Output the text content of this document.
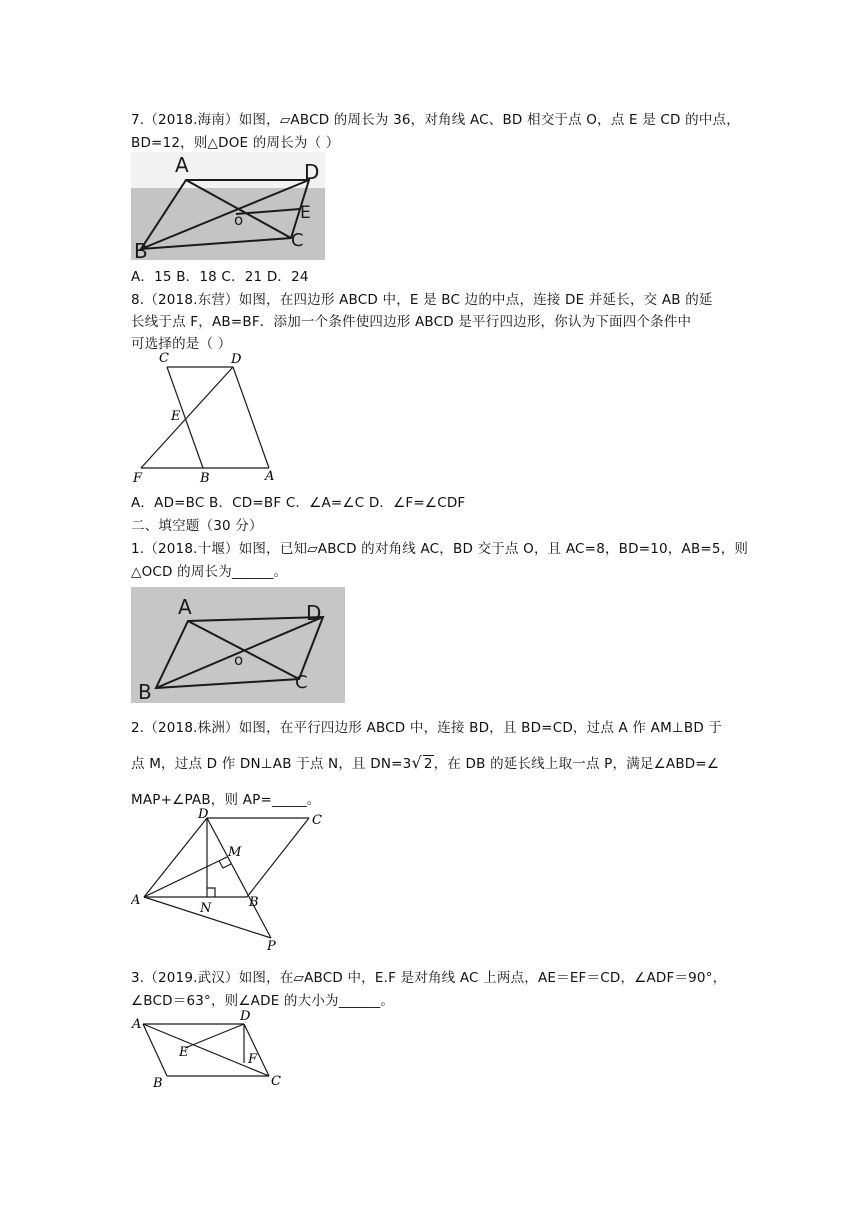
7.（2018.海南）如图，▱ABCD 的周长为 36，对角线 AC、BD 相交于点 O，点 E 是 CD 的中点，
BD=12，则△DOE 的周长为（ ）
A	D
E
o
B	C
A．15 B．18 C．21 D．24
8.（2018.东营）如图，在四边形 ABCD 中，E 是 BC 边的中点，连接 DE 并延长，交 AB 的延
长线于点 F，AB=BF．添加一个条件使四边形 ABCD 是平行四边形，你认为下面四个条件中
可选择的是（ ）
C	D
E
F	B	A
A．AD=BC B．CD=BF C．∠A=∠C D．∠F=∠CDF
二、填空题（30 分）
1.（2018.十堰）如图，已知▱ABCD 的对角线 AC，BD 交于点 O，且 AC=8，BD=10，AB=5，则
△OCD 的周长为______。
A	D
o
B	C
2.（2018.株洲）如图，在平行四边形 ABCD 中，连接 BD，且 BD=CD，过点 A 作 AM⊥BD 于
点 M，过点 D 作 DN⊥AB 于点 N，且 DN=3√ 2，在 DB 的延长线上取一点 P，满足∠ABD=∠
MAP+∠PAB，则 AP=_____。
D	C
M
A
N	B
P
3.（2019.武汉）如图，在▱ABCD 中，E.F 是对角线 AC 上两点，AE＝EF＝CD，∠ADF＝90°，
∠BCD＝63°，则∠ADE 的大小为______。
A
D
E	F
B	C
